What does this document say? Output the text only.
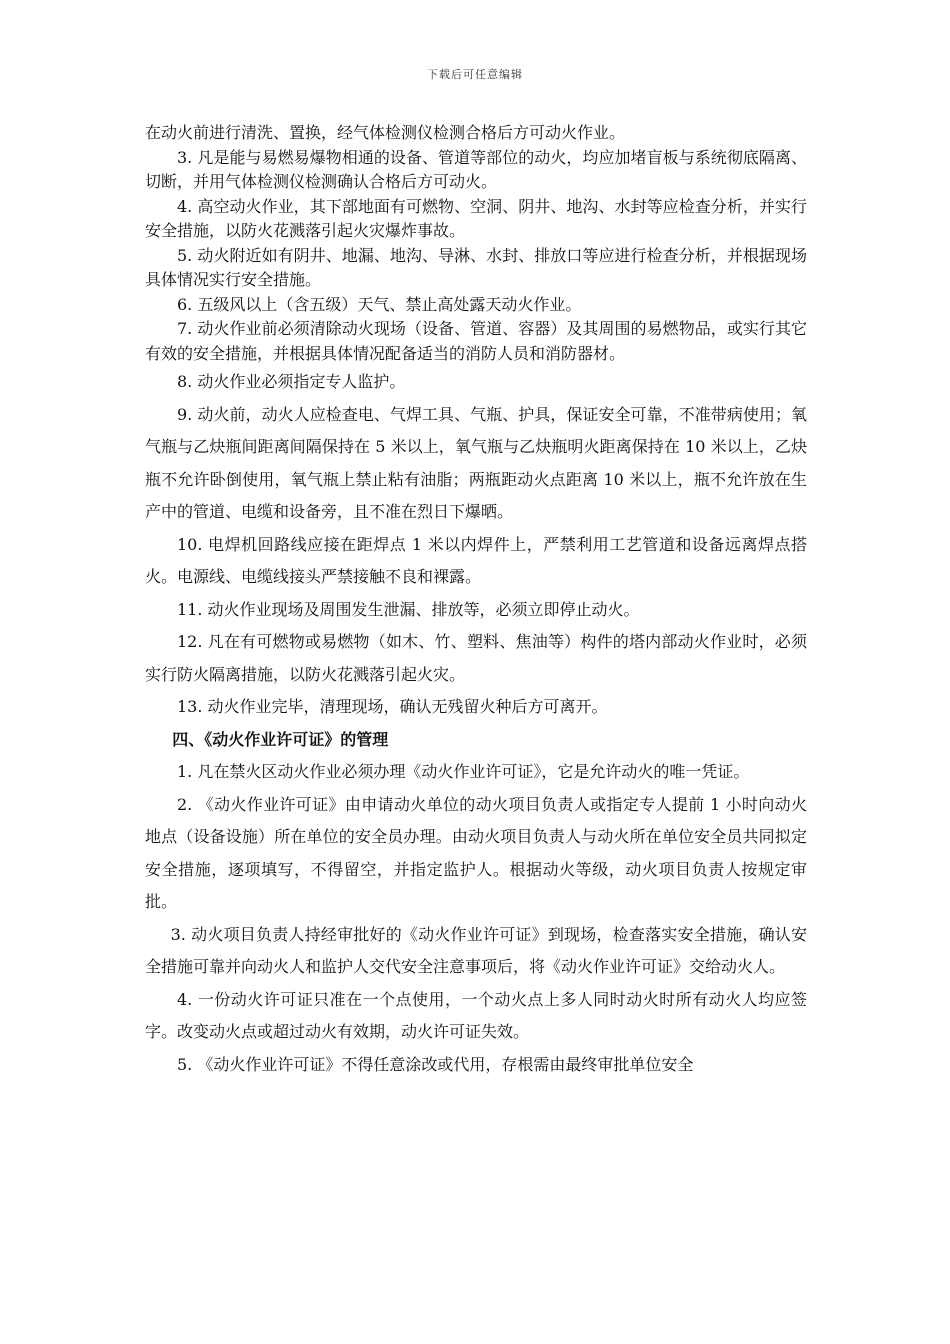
下载后可任意编辑

在动火前进行清洗、置换，经气体检测仪检测合格后方可动火作业。

3. 凡是能与易燃易爆物相通的设备、管道等部位的动火，均应加堵盲板与系统彻底隔离、切断，并用气体检测仪检测确认合格后方可动火。

4. 高空动火作业，其下部地面有可燃物、空洞、阴井、地沟、水封等应检查分析，并实行安全措施，以防火花溅落引起火灾爆炸事故。

5. 动火附近如有阴井、地漏、地沟、导淋、水封、排放口等应进行检查分析，并根据现场具体情况实行安全措施。

6. 五级风以上（含五级）天气、禁止高处露天动火作业。

7. 动火作业前必须清除动火现场（设备、管道、容器）及其周围的易燃物品，或实行其它有效的安全措施，并根据具体情况配备适当的消防人员和消防器材。

8. 动火作业必须指定专人监护。

9. 动火前，动火人应检查电、气焊工具、气瓶、护具，保证安全可靠，不准带病使用；氧气瓶与乙炔瓶间距离间隔保持在 5 米以上，氧气瓶与乙炔瓶明火距离保持在 10 米以上，乙炔瓶不允许卧倒使用，氧气瓶上禁止粘有油脂；两瓶距动火点距离 10 米以上，瓶不允许放在生产中的管道、电缆和设备旁，且不准在烈日下爆晒。

10. 电焊机回路线应接在距焊点 1 米以内焊件上，严禁利用工艺管道和设备远离焊点搭火。电源线、电缆线接头严禁接触不良和裸露。

11. 动火作业现场及周围发生泄漏、排放等，必须立即停止动火。

12. 凡在有可燃物或易燃物（如木、竹、塑料、焦油等）构件的塔内部动火作业时，必须实行防火隔离措施，以防火花溅落引起火灾。

13. 动火作业完毕，清理现场，确认无残留火种后方可离开。

四、《动火作业许可证》的管理

1. 凡在禁火区动火作业必须办理《动火作业许可证》，它是允许动火的唯一凭证。

2. 《动火作业许可证》由申请动火单位的动火项目负责人或指定专人提前 1 小时向动火地点（设备设施）所在单位的安全员办理。由动火项目负责人与动火所在单位安全员共同拟定安全措施，逐项填写，不得留空，并指定监护人。根据动火等级，动火项目负责人按规定审批。

3. 动火项目负责人持经审批好的《动火作业许可证》到现场，检查落实安全措施，确认安全措施可靠并向动火人和监护人交代安全注意事项后，将《动火作业许可证》交给动火人。

4. 一份动火许可证只准在一个点使用，一个动火点上多人同时动火时所有动火人均应签字。改变动火点或超过动火有效期，动火许可证失效。

5. 《动火作业许可证》不得任意涂改或代用，存根需由最终审批单位安全
